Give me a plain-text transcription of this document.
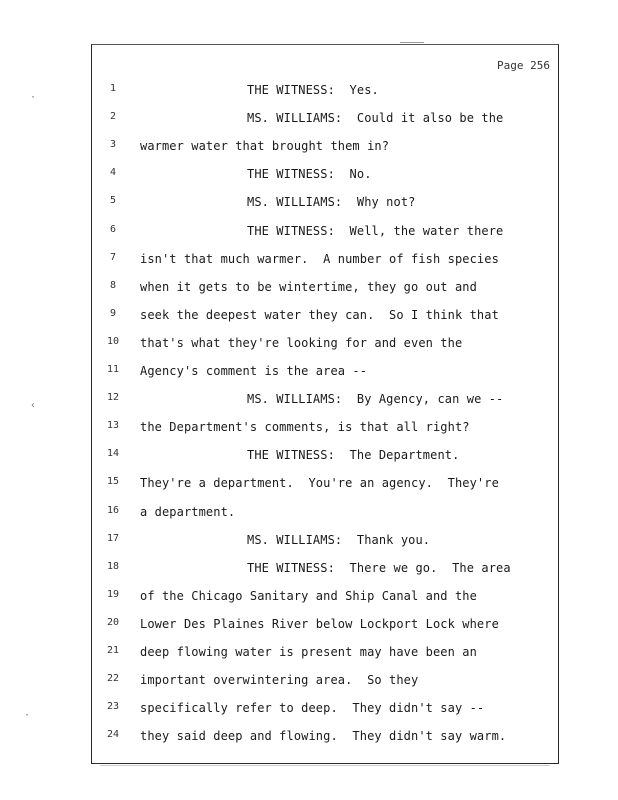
Page 256
1	THE WITNESS:  Yes.
2	MS. WILLIAMS:  Could it also be the
3	warmer water that brought them in?
4	THE WITNESS:  No.
5	MS. WILLIAMS:  Why not?
6	THE WITNESS:  Well, the water there
7	isn't that much warmer.  A number of fish species
8	when it gets to be wintertime, they go out and
9	seek the deepest water they can.  So I think that
10	that's what they're looking for and even the
11	Agency's comment is the area --
12	MS. WILLIAMS:  By Agency, can we --
13	the Department's comments, is that all right?
14	THE WITNESS:  The Department.
15	They're a department.  You're an agency.  They're
16	a department.
17	MS. WILLIAMS:  Thank you.
18	THE WITNESS:  There we go.  The area
19	of the Chicago Sanitary and Ship Canal and the
20	Lower Des Plaines River below Lockport Lock where
21	deep flowing water is present may have been an
22	important overwintering area.  So they
23	specifically refer to deep.  They didn't say --
24	they said deep and flowing.  They didn't say warm.
·
‹
·
